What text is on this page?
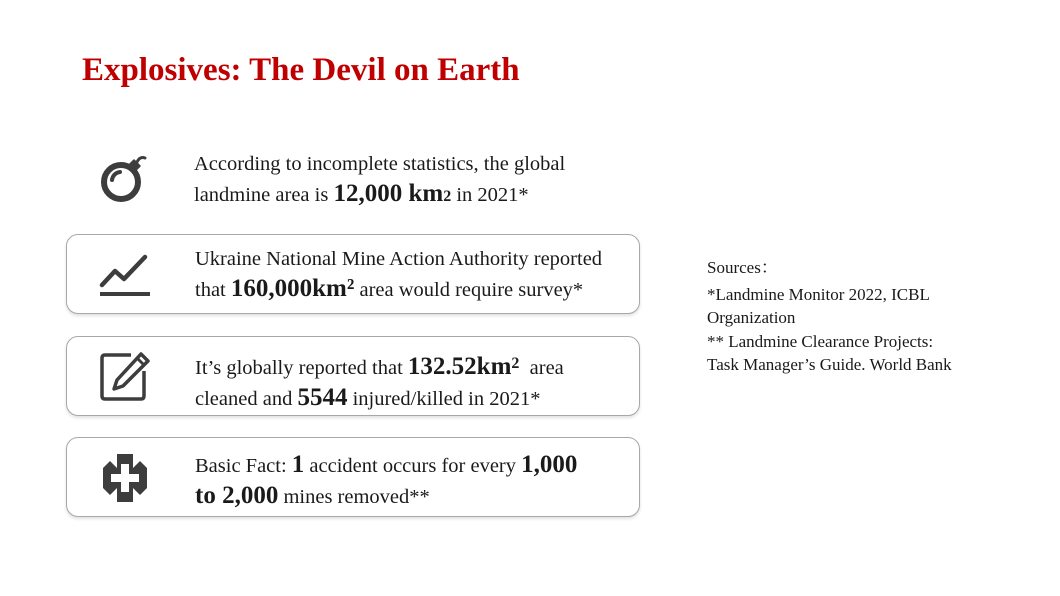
Explosives: The Devil on Earth
According to incomplete statistics, the global
landmine area is 12,000 km2 in 2021*
Ukraine National Mine Action Authority reported
that 160,000km² area would require survey*
It’s globally reported that $132.52km^2$ area
cleaned and 5544 injured/killed in 2021*
Basic Fact: 1 accident occurs for every 1,000
to 2,000 mines removed**
Sources：
*Landmine Monitor 2022, ICBL
Organization
** Landmine Clearance Projects:
Task Manager’s Guide. World Bank
